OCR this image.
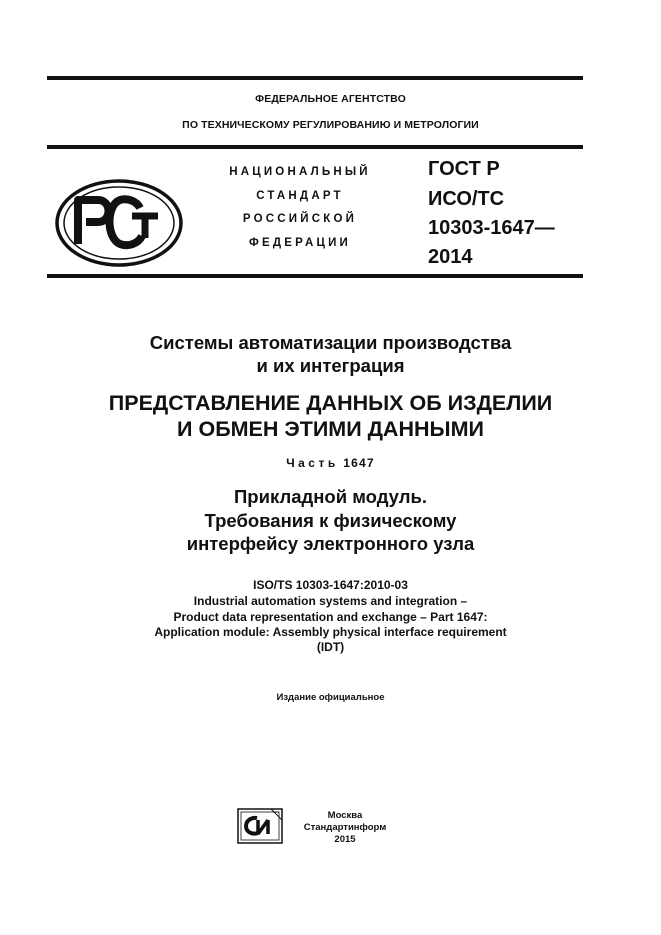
ФЕДЕРАЛЬНОЕ АГЕНТСТВО
ПО ТЕХНИЧЕСКОМУ РЕГУЛИРОВАНИЮ И МЕТРОЛОГИИ
РСТ
НАЦИОНАЛЬНЫЙ
СТАНДАРТ
РОССИЙСКОЙ
ФЕДЕРАЦИИ
ГОСТ Р
ИСО/ТС
10303-1647—
2014
Системы автоматизации производства
и их интеграция
ПРЕДСТАВЛЕНИЕ ДАННЫХ ОБ ИЗДЕЛИИ
И ОБМЕН ЭТИМИ ДАННЫМИ
Часть 1647
Прикладной модуль.
Требования к физическому
интерфейсу электронного узла
ISO/TS 10303-1647:2010-03
Industrial automation systems and integration –
Product data representation and exchange – Part 1647:
Application module: Assembly physical interface requirement
(IDT)
Издание официальное
СИ
Москва
Стандартинформ
2015
